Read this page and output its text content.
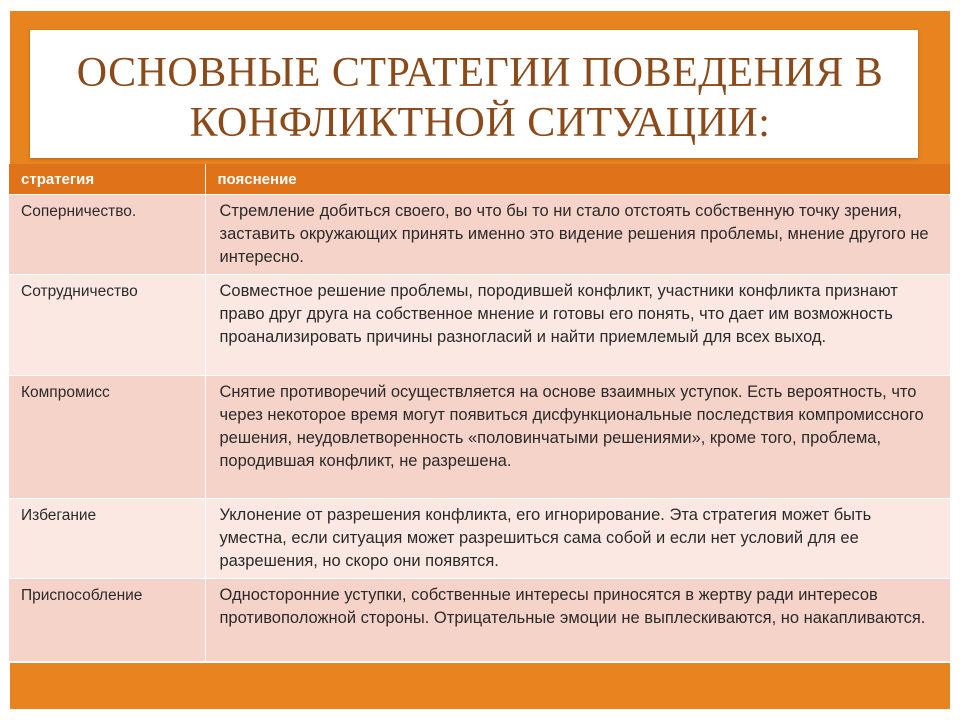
ОСНОВНЫЕ СТРАТЕГИИ ПОВЕДЕНИЯ В КОНФЛИКТНОЙ СИТУАЦИИ:
стратегия	пояснение
Соперничество.	Стремление добиться своего, во что бы то ни стало отстоять собственную точку зрения, заставить окружающих принять именно это видение решения проблемы, мнение другого не интересно.
Сотрудничество	Совместное решение проблемы, породившей конфликт, участники конфликта признают право друг друга на собственное мнение и готовы его понять, что дает им возможность проанализировать причины разногласий и найти приемлемый для всех выход.
Компромисс	Снятие противоречий осуществляется на основе взаимных уступок. Есть вероятность, что через некоторое время могут появиться дисфункциональные последствия компромиссного решения, неудовлетворенность «половинчатыми решениями», кроме того, проблема, породившая конфликт, не разрешена.
Избегание	Уклонение от разрешения конфликта, его игнорирование. Эта стратегия может быть уместна, если ситуация может разрешиться сама собой и если нет условий для ее разрешения, но скоро они появятся.
Приспособление	Односторонние уступки, собственные интересы приносятся в жертву ради интересов противоположной стороны. Отрицательные эмоции не выплескиваются, но накапливаются.
